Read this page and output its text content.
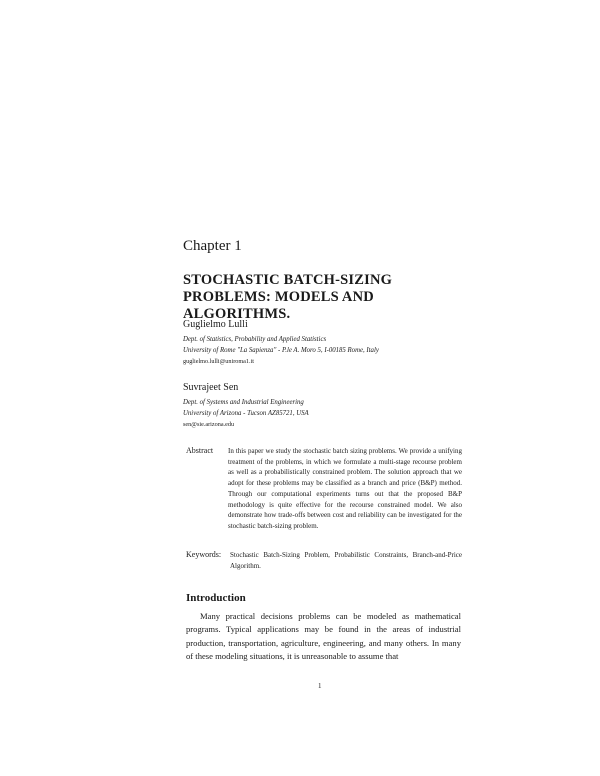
Chapter 1
STOCHASTIC BATCH-SIZING PROBLEMS: MODELS AND ALGORITHMS.
Guglielmo Lulli
Dept. of Statistics, Probability and Applied Statistics
University of Rome "La Sapienza" - P.le A. Moro 5, I-00185 Rome, Italy
guglielmo.lulli@uniroma1.it
Suvrajeet Sen
Dept. of Systems and Industrial Engineering
University of Arizona - Tucson AZ85721, USA
sen@sie.arizona.edu
Abstract In this paper we study the stochastic batch sizing problems. We provide a unifying treatment of the problems, in which we formulate a multi-stage recourse problem as well as a probabilistically constrained problem. The solution approach that we adopt for these problems may be classified as a branch and price (B&P) method. Through our computational experiments turns out that the proposed B&P methodology is quite effective for the recourse constrained model. We also demonstrate how trade-offs between cost and reliability can be investigated for the stochastic batch-sizing problem.
Keywords: Stochastic Batch-Sizing Problem, Probabilistic Constraints, Branch-and-Price Algorithm.
Introduction
Many practical decisions problems can be modeled as mathematical programs. Typical applications may be found in the areas of industrial production, transportation, agriculture, engineering, and many others. In many of these modeling situations, it is unreasonable to assume that
1
